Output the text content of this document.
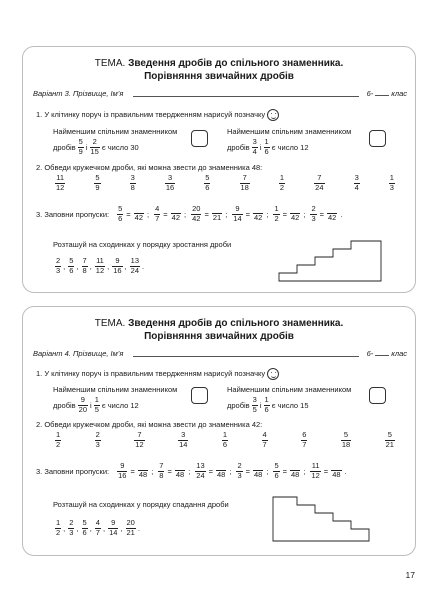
ТЕМА. Зведення дробів до спільного знаменника.
Порівняння звичайних дробів
Варіант 3. Прізвище, Ім’я	6- клас
1. У клітинку поруч із правильним твердженням нарисуй позначку
Найменшим спільним знаменником
дробів $\frac{5}{9}$ і $\frac{2}{15}$ є число 30
Найменшим спільним знаменником
дробів $\frac{3}{4}$ і $\frac{1}{6}$ є число 12
2. Обведи кружечком дроби, які можна звести до знаменника 48:
$\frac{11}{12}$	$\frac{5}{9}$	$\frac{3}{8}$	$\frac{3}{16}$	$\frac{5}{6}$	$\frac{7}{18}$	$\frac{1}{2}$	$\frac{7}{24}$	$\frac{3}{4}$	$\frac{1}{3}$
3. Заповни пропуски: $\frac{5}{6} = 42$ ; $\frac{4}{7} = 42$ ; $\frac{20}{42} = 21$ ; $\frac{9}{14} = 42$ ; $\frac{1}{2} = 42$ ; $\frac{2}{3} = 42$ .
Розташуй на сходинках у порядку зростання дроби
$\frac{2}{3}$ , $\frac{5}{6}$ , $\frac{7}{8}$ , $\frac{11}{12}$ , $\frac{9}{16}$ , $\frac{13}{24}$ .
ТЕМА. Зведення дробів до спільного знаменника.
Порівняння звичайних дробів
Варіант 4. Прізвище, Ім’я	6- клас
1. У клітинку поруч із правильним твердженням нарисуй позначку
Найменшим спільним знаменником
дробів $\frac{9}{20}$ і $\frac{1}{5}$ є число 12
Найменшим спільним знаменником
дробів $\frac{3}{5}$ і $\frac{1}{6}$ є число 15
2. Обведи кружечком дроби, які можна звести до знаменника 42:
$\frac{1}{2}$	$\frac{2}{3}$	$\frac{7}{12}$	$\frac{3}{14}$	$\frac{1}{6}$	$\frac{4}{7}$	$\frac{6}{7}$	$\frac{5}{18}$	$\frac{5}{21}$
3. Заповни пропуски: $\frac{9}{16} = 48$ ; $\frac{7}{8} = 48$ ; $\frac{13}{24} = 48$ ; $\frac{2}{3} = 48$ ; $\frac{5}{6} = 48$ ; $\frac{11}{12} = 48$ .
Розташуй на сходинках у порядку спадання дроби
$\frac{1}{2}$ , $\frac{2}{3}$ , $\frac{5}{6}$ , $\frac{4}{7}$ , $\frac{9}{14}$ , $\frac{20}{21}$ .
17
